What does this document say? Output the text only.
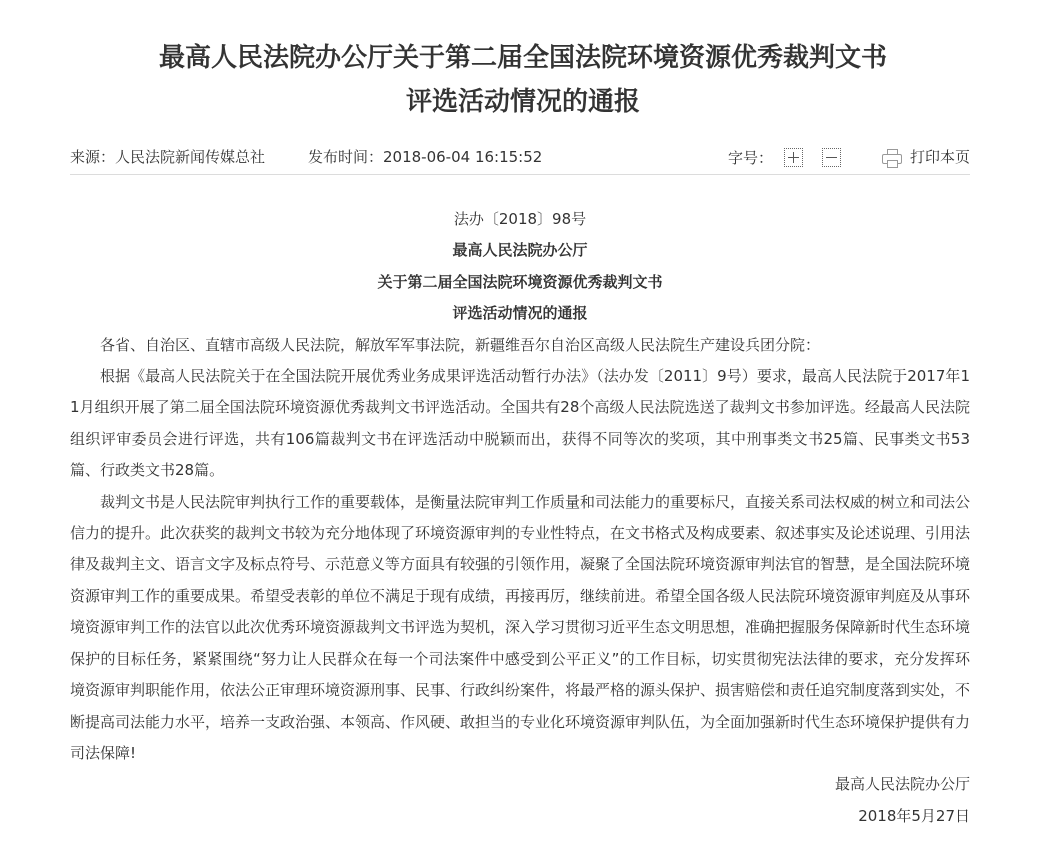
最高人民法院办公厅关于第二届全国法院环境资源优秀裁判文书
评选活动情况的通报
来源：人民法院新闻传媒总社	发布时间：2018-06-04 16:15:52	字号：
	打印本页
法办〔2018〕98号
最高人民法院办公厅
关于第二届全国法院环境资源优秀裁判文书
评选活动情况的通报

各省、自治区、直辖市高级人民法院，解放军军事法院，新疆维吾尔自治区高级人民法院生产建设兵团分院：

根据《最高人民法院关于在全国法院开展优秀业务成果评选活动暂行办法》（法办发〔2011〕9号）要求，最高人民法院于2017年11月组织开展了第二届全国法院环境资源优秀裁判文书评选活动。全国共有28个高级人民法院选送了裁判文书参加评选。经最高人民法院组织评审委员会进行评选，共有106篇裁判文书在评选活动中脱颖而出，获得不同等次的奖项，其中刑事类文书25篇、民事类文书53篇、行政类文书28篇。

裁判文书是人民法院审判执行工作的重要载体，是衡量法院审判工作质量和司法能力的重要标尺，直接关系司法权威的树立和司法公信力的提升。此次获奖的裁判文书较为充分地体现了环境资源审判的专业性特点，在文书格式及构成要素、叙述事实及论述说理、引用法律及裁判主文、语言文字及标点符号、示范意义等方面具有较强的引领作用，凝聚了全国法院环境资源审判法官的智慧，是全国法院环境资源审判工作的重要成果。希望受表彰的单位不满足于现有成绩，再接再厉，继续前进。希望全国各级人民法院环境资源审判庭及从事环境资源审判工作的法官以此次优秀环境资源裁判文书评选为契机，深入学习贯彻习近平生态文明思想，准确把握服务保障新时代生态环境保护的目标任务，紧紧围绕“努力让人民群众在每一个司法案件中感受到公平正义”的工作目标，切实贯彻宪法法律的要求，充分发挥环境资源审判职能作用，依法公正审理环境资源刑事、民事、行政纠纷案件，将最严格的源头保护、损害赔偿和责任追究制度落到实处，不断提高司法能力水平，培养一支政治强、本领高、作风硬、敢担当的专业化环境资源审判队伍，为全面加强新时代生态环境保护提供有力司法保障!

最高人民法院办公厅
2018年5月27日
